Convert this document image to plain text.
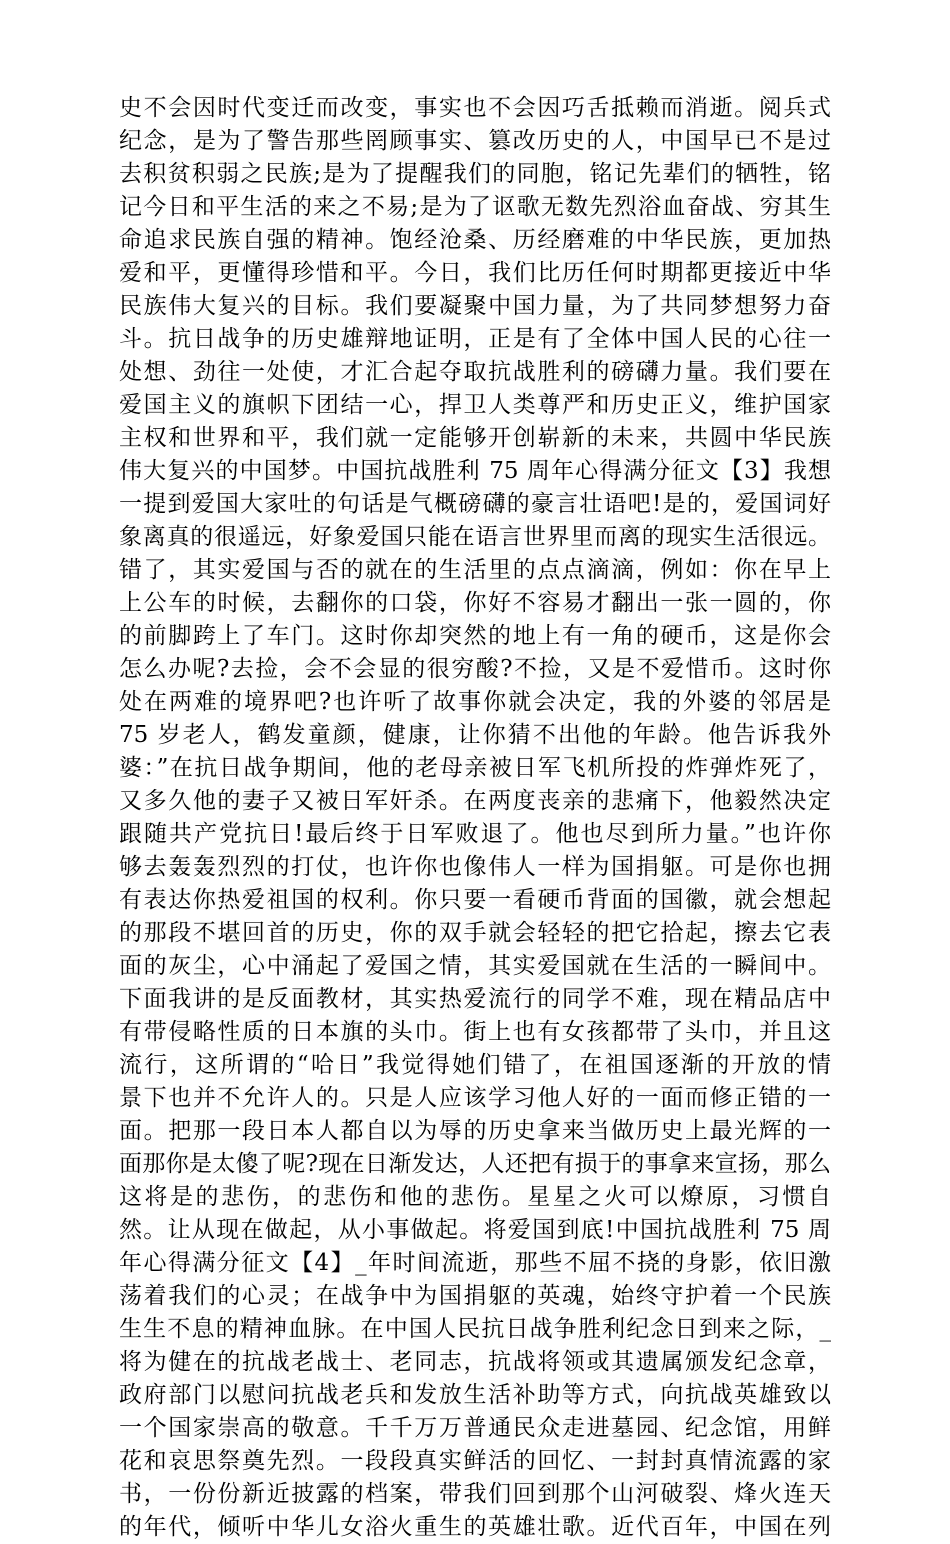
史不会因时代变迁而改变，事实也不会因巧舌抵赖而消逝。阅兵式
纪念，是为了警告那些罔顾事实、篡改历史的人，中国早已不是过
去积贫积弱之民族;是为了提醒我们的同胞，铭记先辈们的牺牲，铭
记今日和平生活的来之不易;是为了讴歌无数先烈浴血奋战、穷其生
命追求民族自强的精神。饱经沧桑、历经磨难的中华民族，更加热
爱和平，更懂得珍惜和平。今日，我们比历任何时期都更接近中华
民族伟大复兴的目标。我们要凝聚中国力量，为了共同梦想努力奋
斗。抗日战争的历史雄辩地证明，正是有了全体中国人民的心往一
处想、劲往一处使，才汇合起夺取抗战胜利的磅礴力量。我们要在
爱国主义的旗帜下团结一心，捍卫人类尊严和历史正义，维护国家
主权和世界和平，我们就一定能够开创崭新的未来，共圆中华民族
伟大复兴的中国梦。中国抗战胜利 75 周年心得满分征文【3】我想
一提到爱国大家吐的句话是气概磅礴的豪言壮语吧!是的，爱国词好
象离真的很遥远，好象爱国只能在语言世界里而离的现实生活很远。
错了，其实爱国与否的就在的生活里的点点滴滴，例如：你在早上
上公车的时候，去翻你的口袋，你好不容易才翻出一张一圆的，你
的前脚跨上了车门。这时你却突然的地上有一角的硬币，这是你会
怎么办呢?去捡，会不会显的很穷酸?不捡，又是不爱惜币。这时你
处在两难的境界吧?也许听了故事你就会决定，我的外婆的邻居是
75 岁老人，鹤发童颜，健康，让你猜不出他的年龄。他告诉我外
婆：”在抗日战争期间，他的老母亲被日军飞机所投的炸弹炸死了，
又多久他的妻子又被日军奸杀。在两度丧亲的悲痛下，他毅然决定
跟随共产党抗日!最后终于日军败退了。他也尽到所力量。”也许你
够去轰轰烈烈的打仗，也许你也像伟人一样为国捐躯。可是你也拥
有表达你热爱祖国的权利。你只要一看硬币背面的国徽，就会想起
的那段不堪回首的历史，你的双手就会轻轻的把它拾起，擦去它表
面的灰尘，心中涌起了爱国之情，其实爱国就在生活的一瞬间中。
下面我讲的是反面教材，其实热爱流行的同学不难，现在精品店中
有带侵略性质的日本旗的头巾。街上也有女孩都带了头巾，并且这
流行，这所谓的“哈日”我觉得她们错了，在祖国逐渐的开放的情
景下也并不允许人的。只是人应该学习他人好的一面而修正错的一
面。把那一段日本人都自以为辱的历史拿来当做历史上最光辉的一
面那你是太傻了呢?现在日渐发达，人还把有损于的事拿来宣扬，那么
这将是的悲伤，的悲伤和他的悲伤。星星之火可以燎原，习惯自
然。让从现在做起，从小事做起。将爱国到底!中国抗战胜利 75 周
年心得满分征文【4】_年时间流逝，那些不屈不挠的身影，依旧激
荡着我们的心灵；在战争中为国捐躯的英魂，始终守护着一个民族
生生不息的精神血脉。在中国人民抗日战争胜利纪念日到来之际，_
将为健在的抗战老战士、老同志，抗战将领或其遗属颁发纪念章，
政府部门以慰问抗战老兵和发放生活补助等方式，向抗战英雄致以
一个国家崇高的敬意。千千万万普通民众走进墓园、纪念馆，用鲜
花和哀思祭奠先烈。一段段真实鲜活的回忆、一封封真情流露的家
书，一份份新近披露的档案，带我们回到那个山河破裂、烽火连天
的年代，倾听中华儿女浴火重生的英雄壮歌。近代百年，中国在列
